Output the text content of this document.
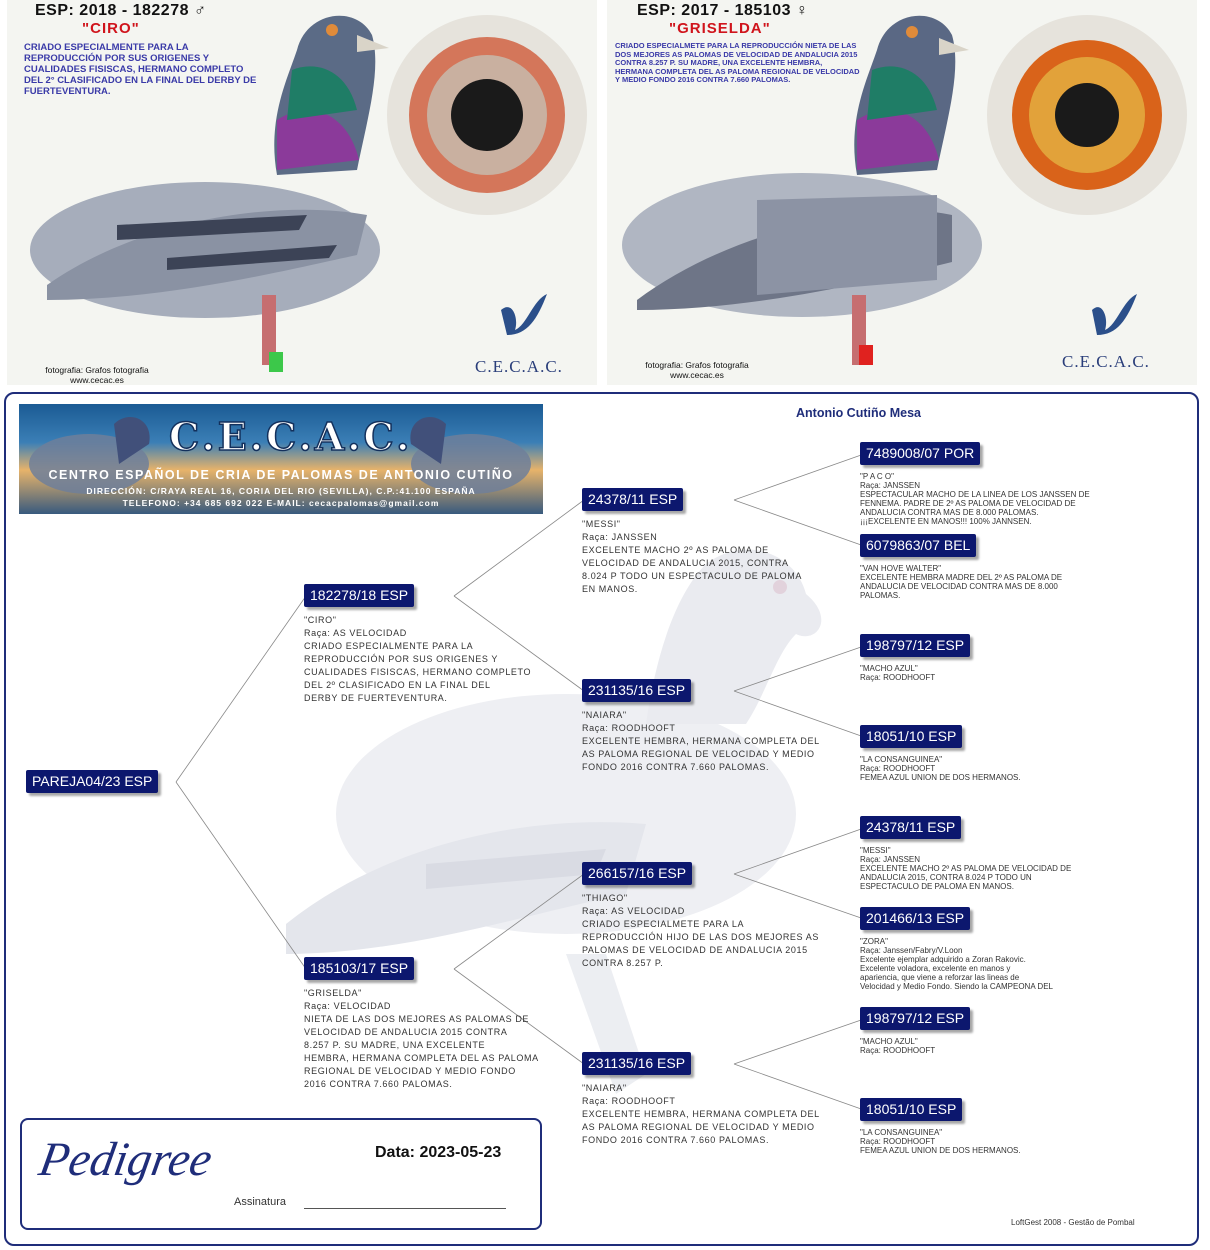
ESP: 2018 - 182278 ♂
"CIRO"
CRIADO ESPECIALMENTE PARA LA REPRODUCCIÓN POR SUS ORIGENES Y CUALIDADES FISISCAS, HERMANO COMPLETO DEL 2° CLASIFICADO EN LA FINAL DEL DERBY DE FUERTEVENTURA.
fotografia: Grafos fotografia
www.cecac.es
C.E.C.A.C.
ESP: 2017 - 185103 ♀
"GRISELDA"
CRIADO ESPECIALMETE PARA LA REPRODUCCIÓN NIETA DE LAS DOS MEJORES AS PALOMAS DE VELOCIDAD DE ANDALUCIA 2015 CONTRA 8.257 P. SU MADRE, UNA EXCELENTE HEMBRA, HERMANA COMPLETA DEL AS PALOMA REGIONAL DE VELOCIDAD Y MEDIO FONDO 2016 CONTRA 7.660 PALOMAS.
fotografia: Grafos fotografia
www.cecac.es
C.E.C.A.C.
C.E.C.A.C.
CENTRO ESPAÑOL DE CRIA DE PALOMAS DE ANTONIO CUTIÑO
DIRECCIÓN: C/RAYA REAL 16, CORIA DEL RIO (SEVILLA), C.P.:41.100 ESPAÑA
TELEFONO: +34 685 692 022 E-MAIL: cecacpalomas@gmail.com
Antonio Cutiño Mesa
PAREJA04/23 ESP
182278/18 ESP
"CIRO"
Raça: AS VELOCIDAD
CRIADO ESPECIALMENTE PARA LA
REPRODUCCIÓN POR SUS ORIGENES Y
CUALIDADES FISISCAS, HERMANO COMPLETO
DEL 2º CLASIFICADO EN LA FINAL DEL
DERBY DE FUERTEVENTURA.
185103/17 ESP
"GRISELDA"
Raça: VELOCIDAD
NIETA DE LAS DOS MEJORES AS PALOMAS DE
VELOCIDAD DE ANDALUCIA 2015 CONTRA
8.257 P. SU MADRE, UNA EXCELENTE
HEMBRA, HERMANA COMPLETA DEL AS PALOMA
REGIONAL DE VELOCIDAD Y MEDIO FONDO
2016 CONTRA 7.660 PALOMAS.
24378/11 ESP
"MESSI"
Raça: JANSSEN
EXCELENTE MACHO 2º AS PALOMA DE
VELOCIDAD DE ANDALUCIA 2015, CONTRA
8.024 P TODO UN ESPECTACULO DE PALOMA
EN MANOS.
231135/16 ESP
"NAIARA"
Raça: ROODHOOFT
EXCELENTE HEMBRA, HERMANA COMPLETA DEL
AS PALOMA REGIONAL DE VELOCIDAD Y MEDIO
FONDO 2016 CONTRA 7.660 PALOMAS.
266157/16 ESP
"THIAGO"
Raça: AS VELOCIDAD
CRIADO ESPECIALMETE PARA LA
REPRODUCCIÓN HIJO DE LAS DOS MEJORES AS
PALOMAS DE VELOCIDAD DE ANDALUCIA 2015
CONTRA 8.257 P.
231135/16 ESP
"NAIARA"
Raça: ROODHOOFT
EXCELENTE HEMBRA, HERMANA COMPLETA DEL
AS PALOMA REGIONAL DE VELOCIDAD Y MEDIO
FONDO 2016 CONTRA 7.660 PALOMAS.
7489008/07 POR
"P A C O"
Raça: JANSSEN
ESPECTACULAR MACHO DE LA LINEA DE LOS JANSSEN DE
FENNEMA. PADRE DE 2º AS PALOMA DE VELOCIDAD DE
ANDALUCIA CONTRA MAS DE 8.000 PALOMAS.
¡¡¡EXCELENTE EN MANOS!!! 100% JANNSEN.
6079863/07 BEL
"VAN HOVE WALTER"
EXCELENTE HEMBRA MADRE DEL 2º AS PALOMA DE
ANDALUCIA DE VELOCIDAD CONTRA MAS DE 8.000
PALOMAS.
198797/12 ESP
"MACHO AZUL"
Raça: ROODHOOFT
18051/10 ESP
"LA CONSANGUINEA"
Raça: ROODHOOFT
FEMEA AZUL UNION DE DOS HERMANOS.
24378/11 ESP
"MESSI"
Raça: JANSSEN
EXCELENTE MACHO 2º AS PALOMA DE VELOCIDAD DE
ANDALUCIA 2015, CONTRA 8.024 P TODO UN
ESPECTACULO DE PALOMA EN MANOS.
201466/13 ESP
"ZORA"
Raça: Janssen/Fabry/V.Loon
Excelente ejemplar adquirido a Zoran Rakovic.
Excelente voladora, excelente en manos y
apariencia, que viene a reforzar las lineas de
Velocidad y Medio Fondo. Siendo la CAMPEONA DEL
198797/12 ESP
"MACHO AZUL"
Raça: ROODHOOFT
18051/10 ESP
"LA CONSANGUINEA"
Raça: ROODHOOFT
FEMEA AZUL UNION DE DOS HERMANOS.
Pedigree	Data: 2023-05-23
Assinatura
LoftGest 2008 - Gestão de Pombal
